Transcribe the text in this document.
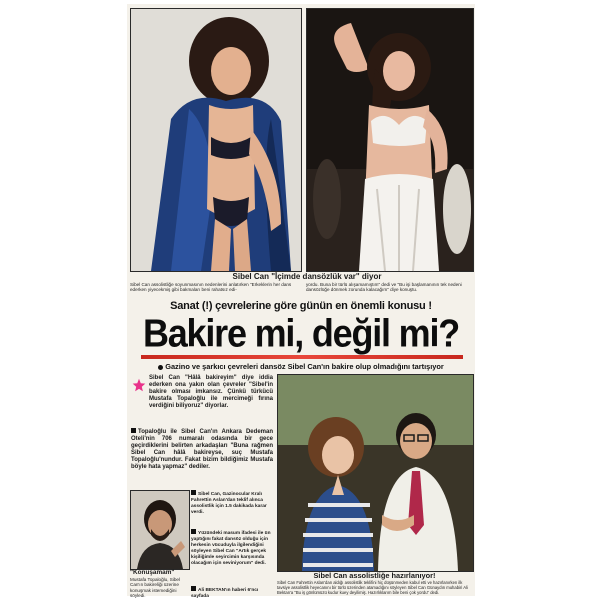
Sibel Can "İçimde dansözlük var" diyor
Sibel Can assolistliğe soyunmasının nedenlerini anlatırken "Erkeklerin her dans ederken yiyecekmiş gibi bakmaları beni rahatsız edi-
yordu. Buna bir türlü alışamamıştım" dedi ve "Bu işi başlamanının tek nedeni dansözlüğe dönmek zorunda kalacağım" diye konuştu.
Sanat (!) çevrelerine göre günün en önemli konusu !
Bakire mi, değil mi?
Gazino ve şarkıcı çevreleri dansöz Sibel Can'ın bakire olup olmadığını tartışıyor
Sibel Can "Hâlâ bakireyim" diye iddia ederken ona yakın olan çevreler "Sibel'in bakire olması imkansız. Çünkü türkücü Mustafa Topaloğlu ile mercimeği fırına verdiğini biliyoruz" diyorlar.
Topaloğlu ile Sibel Can'ın Ankara Dedeman Oteli'nin 706 numaralı odasında bir gece geçirdiklerini belirten arkadaşları "Buna rağmen Sibel Can hâlâ bakireyse, suç Mustafa Topaloğlu'nundur. Fakat bizim bildiğimiz Mustafa böyle hata yapmaz" dediler.
"Konuşamam"
Mustafa Topaloğlu, Sibel Can'ın bakireliği üzerine konuşmak istemediğini söyledi.
Sibel Can, Gazinocular Kralı Fahrettin Aslan'dan teklif alınca assolistlik için 1.5 dakikada karar verdi.
Yüzündeki masum ifadesi ile ün yaptığını fakat dansöz olduğu için herkesin vücuduyla ilgilendiğini söyleyen Sibel Can "Artık gerçek kişiliğimle seyircimin karşısında olacağım için seviniyorum" dedi.
Ali BEKTAN'ın haberi 6'ncı sayfada
Sibel Can assolistliğe hazırlanıyor!
Sibel Can Fahrettin Aslan'dan aldığı assolistlik teklifini hiç düşünmeden kabul etti ve hazırlanırken ilk tavsiye assolistlik heyecanını bir türlü üzerinden atamadığını söyleyen Sibel Can Günaydın muhabiri Ali Bektan'a "Bu iş gönlümüzü kudur kuey deyilimiş. Hazırlıklarım bile beni çok yordu" dedi.
